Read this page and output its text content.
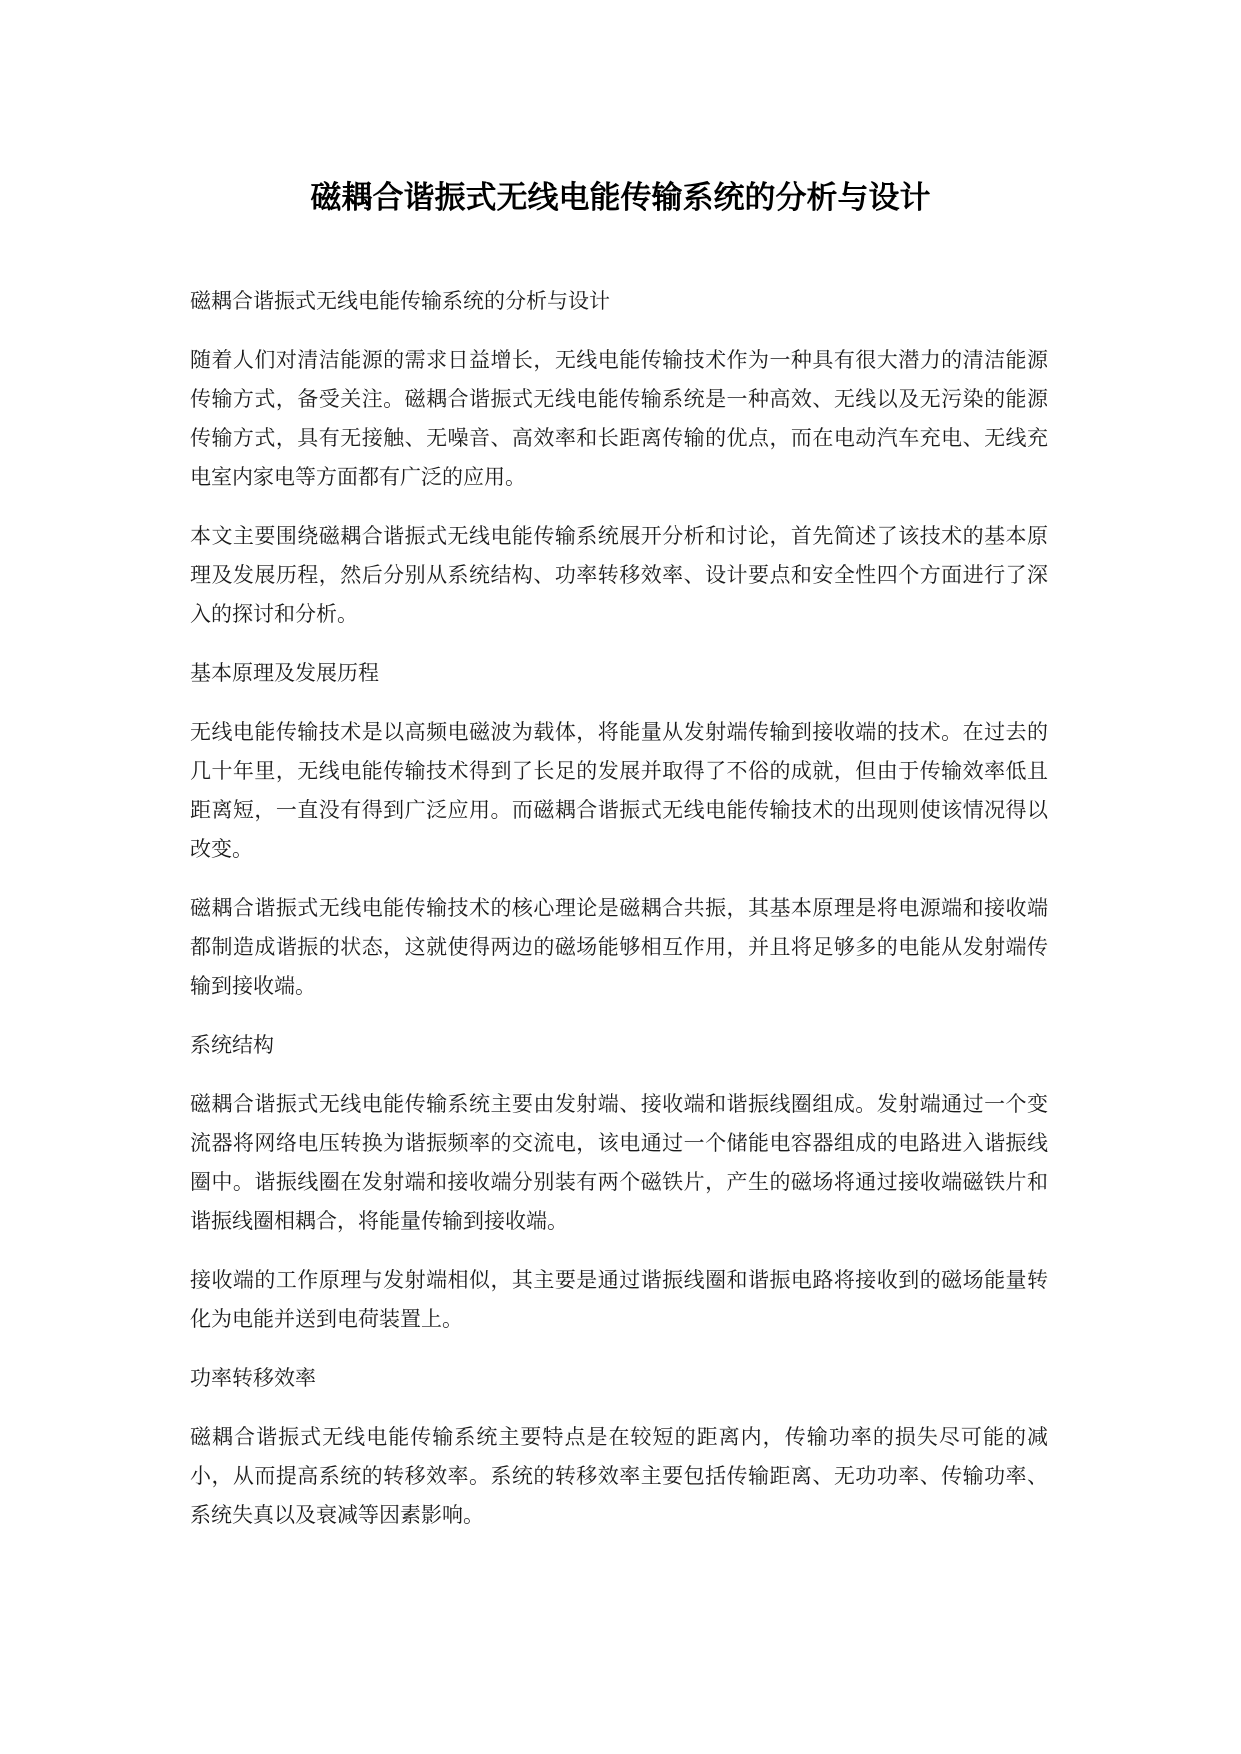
磁耦合谐振式无线电能传输系统的分析与设计

磁耦合谐振式无线电能传输系统的分析与设计

随着人们对清洁能源的需求日益增长，无线电能传输技术作为一种具有很大潜力的清洁能源传输方式，备受关注。磁耦合谐振式无线电能传输系统是一种高效、无线以及无污染的能源传输方式，具有无接触、无噪音、高效率和长距离传输的优点，而在电动汽车充电、无线充电室内家电等方面都有广泛的应用。

本文主要围绕磁耦合谐振式无线电能传输系统展开分析和讨论，首先简述了该技术的基本原理及发展历程，然后分别从系统结构、功率转移效率、设计要点和安全性四个方面进行了深入的探讨和分析。

基本原理及发展历程

无线电能传输技术是以高频电磁波为载体，将能量从发射端传输到接收端的技术。在过去的几十年里，无线电能传输技术得到了长足的发展并取得了不俗的成就，但由于传输效率低且距离短，一直没有得到广泛应用。而磁耦合谐振式无线电能传输技术的出现则使该情况得以改变。

磁耦合谐振式无线电能传输技术的核心理论是磁耦合共振，其基本原理是将电源端和接收端都制造成谐振的状态，这就使得两边的磁场能够相互作用，并且将足够多的电能从发射端传输到接收端。

系统结构

磁耦合谐振式无线电能传输系统主要由发射端、接收端和谐振线圈组成。发射端通过一个变流器将网络电压转换为谐振频率的交流电，该电通过一个储能电容器组成的电路进入谐振线圈中。谐振线圈在发射端和接收端分别装有两个磁铁片，产生的磁场将通过接收端磁铁片和谐振线圈相耦合，将能量传输到接收端。

接收端的工作原理与发射端相似，其主要是通过谐振线圈和谐振电路将接收到的磁场能量转化为电能并送到电荷装置上。

功率转移效率

磁耦合谐振式无线电能传输系统主要特点是在较短的距离内，传输功率的损失尽可能的减小，从而提高系统的转移效率。系统的转移效率主要包括传输距离、无功功率、传输功率、系统失真以及衰减等因素影响。
